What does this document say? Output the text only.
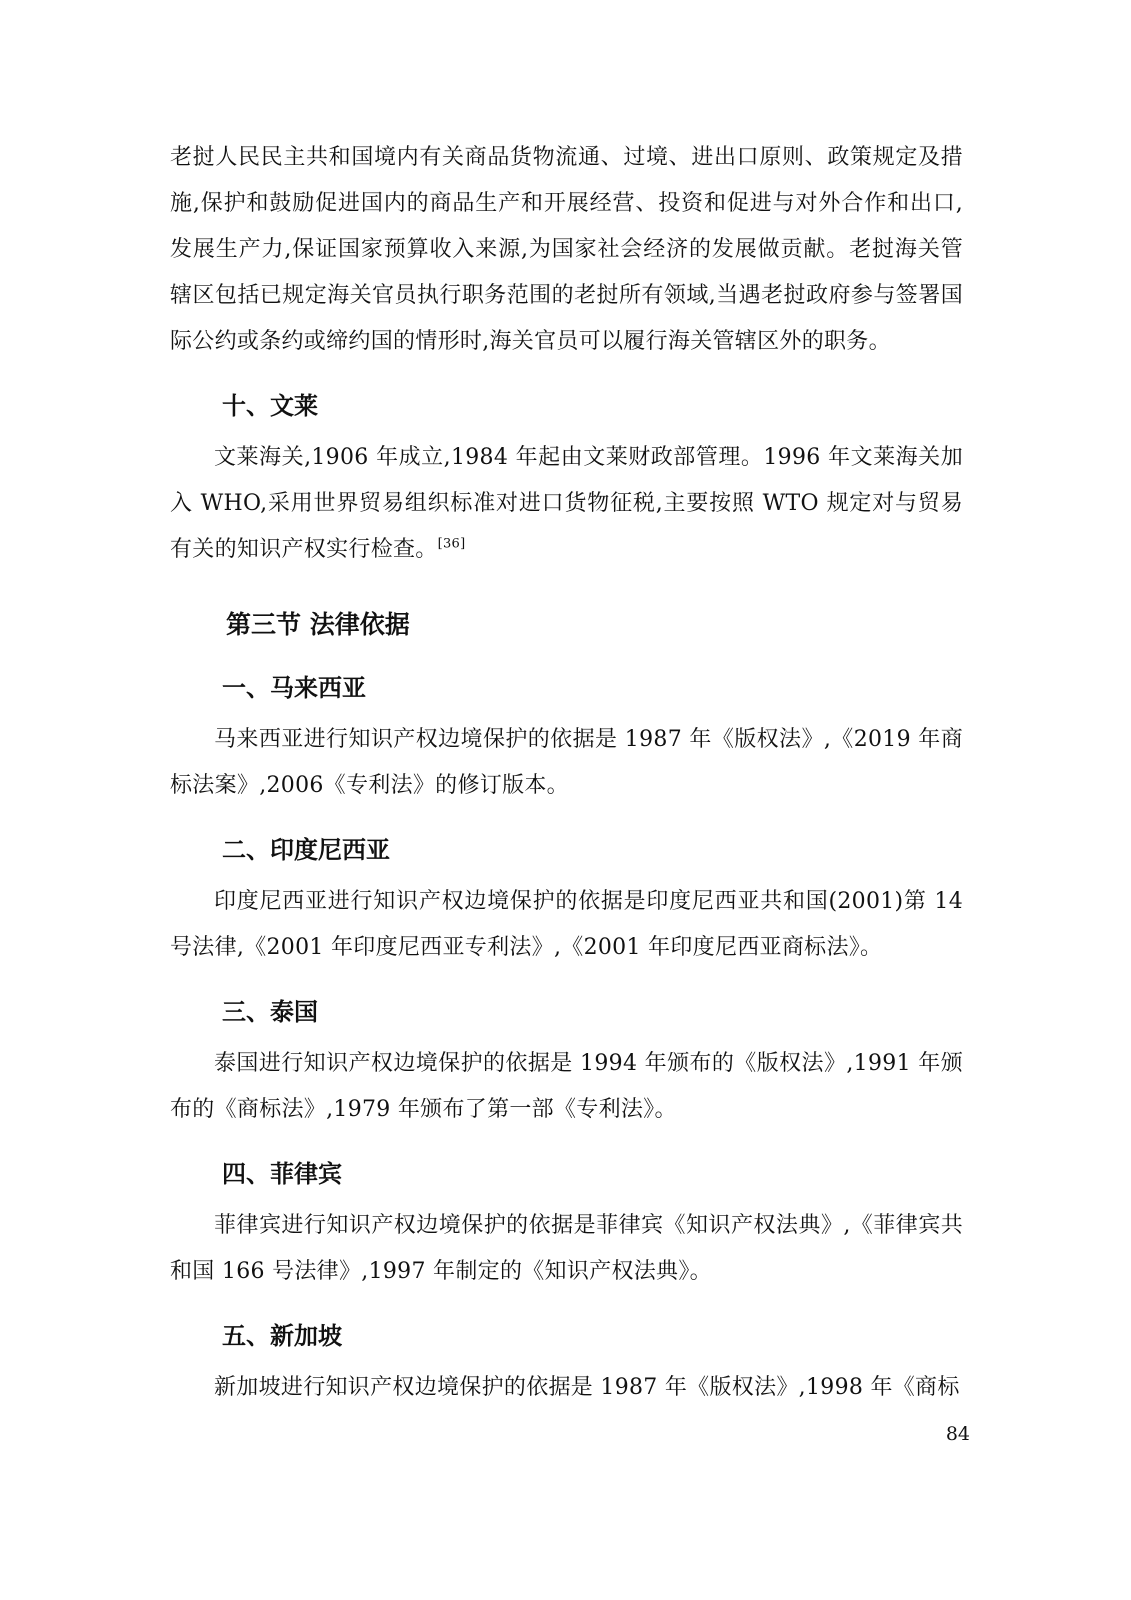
老挝人民民主共和国境内有关商品货物流通、过境、进出口原则、政策规定及措施,保护和鼓励促进国内的商品生产和开展经营、投资和促进与对外合作和出口,发展生产力,保证国家预算收入来源,为国家社会经济的发展做贡献。老挝海关管辖区包括已规定海关官员执行职务范围的老挝所有领域,当遇老挝政府参与签署国际公约或条约或缔约国的情形时,海关官员可以履行海关管辖区外的职务。

十、文莱

文莱海关,1906 年成立,1984 年起由文莱财政部管理。1996 年文莱海关加入 WHO,采用世界贸易组织标准对进口货物征税,主要按照 WTO 规定对与贸易有关的知识产权实行检查。[36]

第三节 法律依据
一、马来西亚

马来西亚进行知识产权边境保护的依据是 1987 年《版权法》,《2019 年商标法案》,2006《专利法》的修订版本。

二、印度尼西亚

印度尼西亚进行知识产权边境保护的依据是印度尼西亚共和国(2001)第 14 号法律,《2001 年印度尼西亚专利法》,《2001 年印度尼西亚商标法》。

三、泰国

泰国进行知识产权边境保护的依据是 1994 年颁布的《版权法》,1991 年颁布的《商标法》,1979 年颁布了第一部《专利法》。

四、菲律宾

菲律宾进行知识产权边境保护的依据是菲律宾《知识产权法典》,《菲律宾共和国 166 号法律》,1997 年制定的《知识产权法典》。

五、新加坡

新加坡进行知识产权边境保护的依据是 1987 年《版权法》,1998 年《商标

84
